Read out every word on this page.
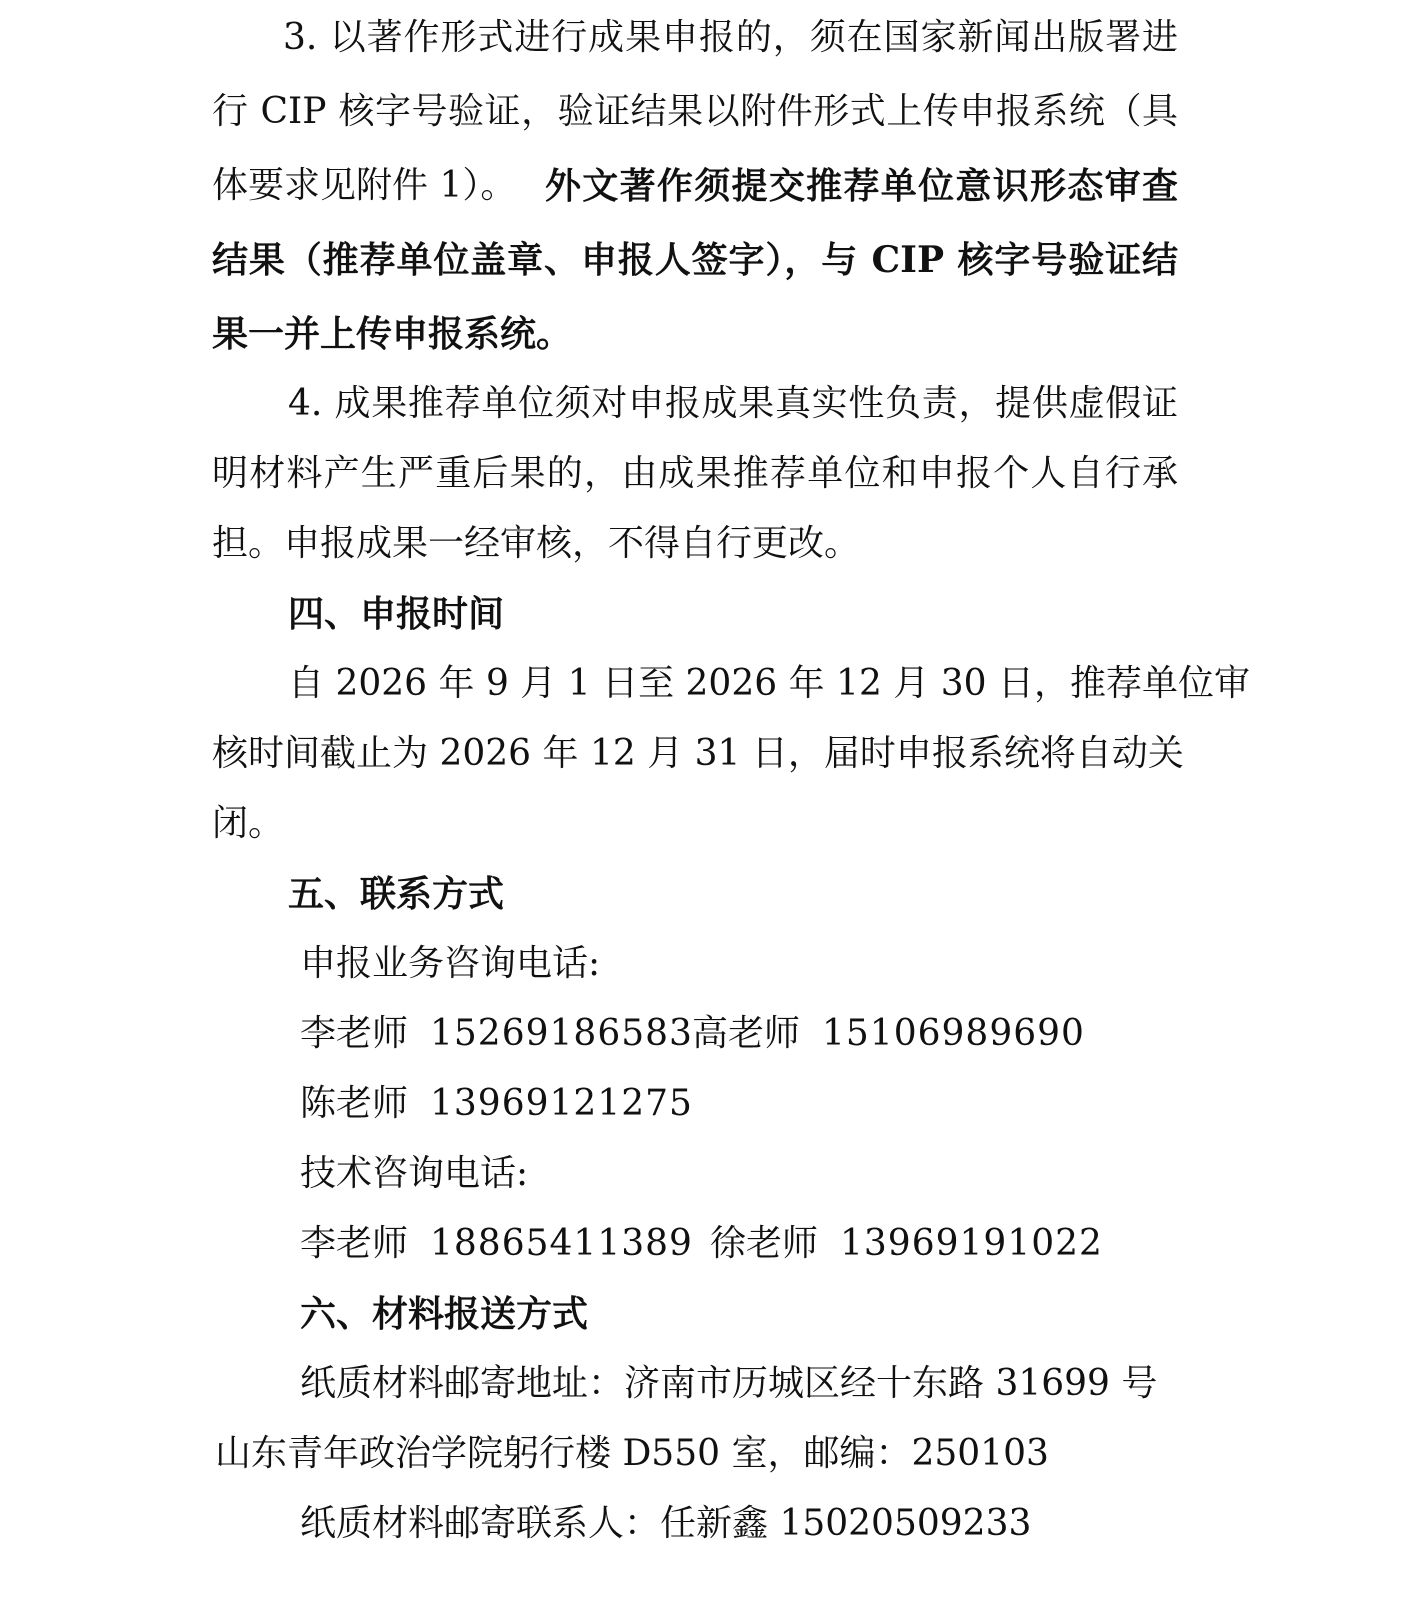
3. 以著作形式进行成果申报的，须在国家新闻出版署进
行 CIP 核字号验证，验证结果以附件形式上传申报系统（具
体要求见附件 1）。 外文著作须提交推荐单位意识形态审查
结果（推荐单位盖章、申报人签字），与 CIP 核字号验证结
果一并上传申报系统。
4. 成果推荐单位须对申报成果真实性负责，提供虚假证
明材料产生严重后果的，由成果推荐单位和申报个人自行承
担。申报成果一经审核，不得自行更改。
四、申报时间
自 2026 年 9 月 1 日至 2026 年 12 月 30 日，推荐单位审
核时间截止为 2026 年 12 月 31 日，届时申报系统将自动关
闭。
五、联系方式
申报业务咨询电话:
李老师 15269186583 高老师 15106989690
陈老师 13969121275
技术咨询电话:
李老师 18865411389 徐老师 13969191022
六、材料报送方式
纸质材料邮寄地址：济南市历城区经十东路 31699 号
山东青年政治学院躬行楼 D550 室，邮编：250103
纸质材料邮寄联系人：任新鑫 15020509233
